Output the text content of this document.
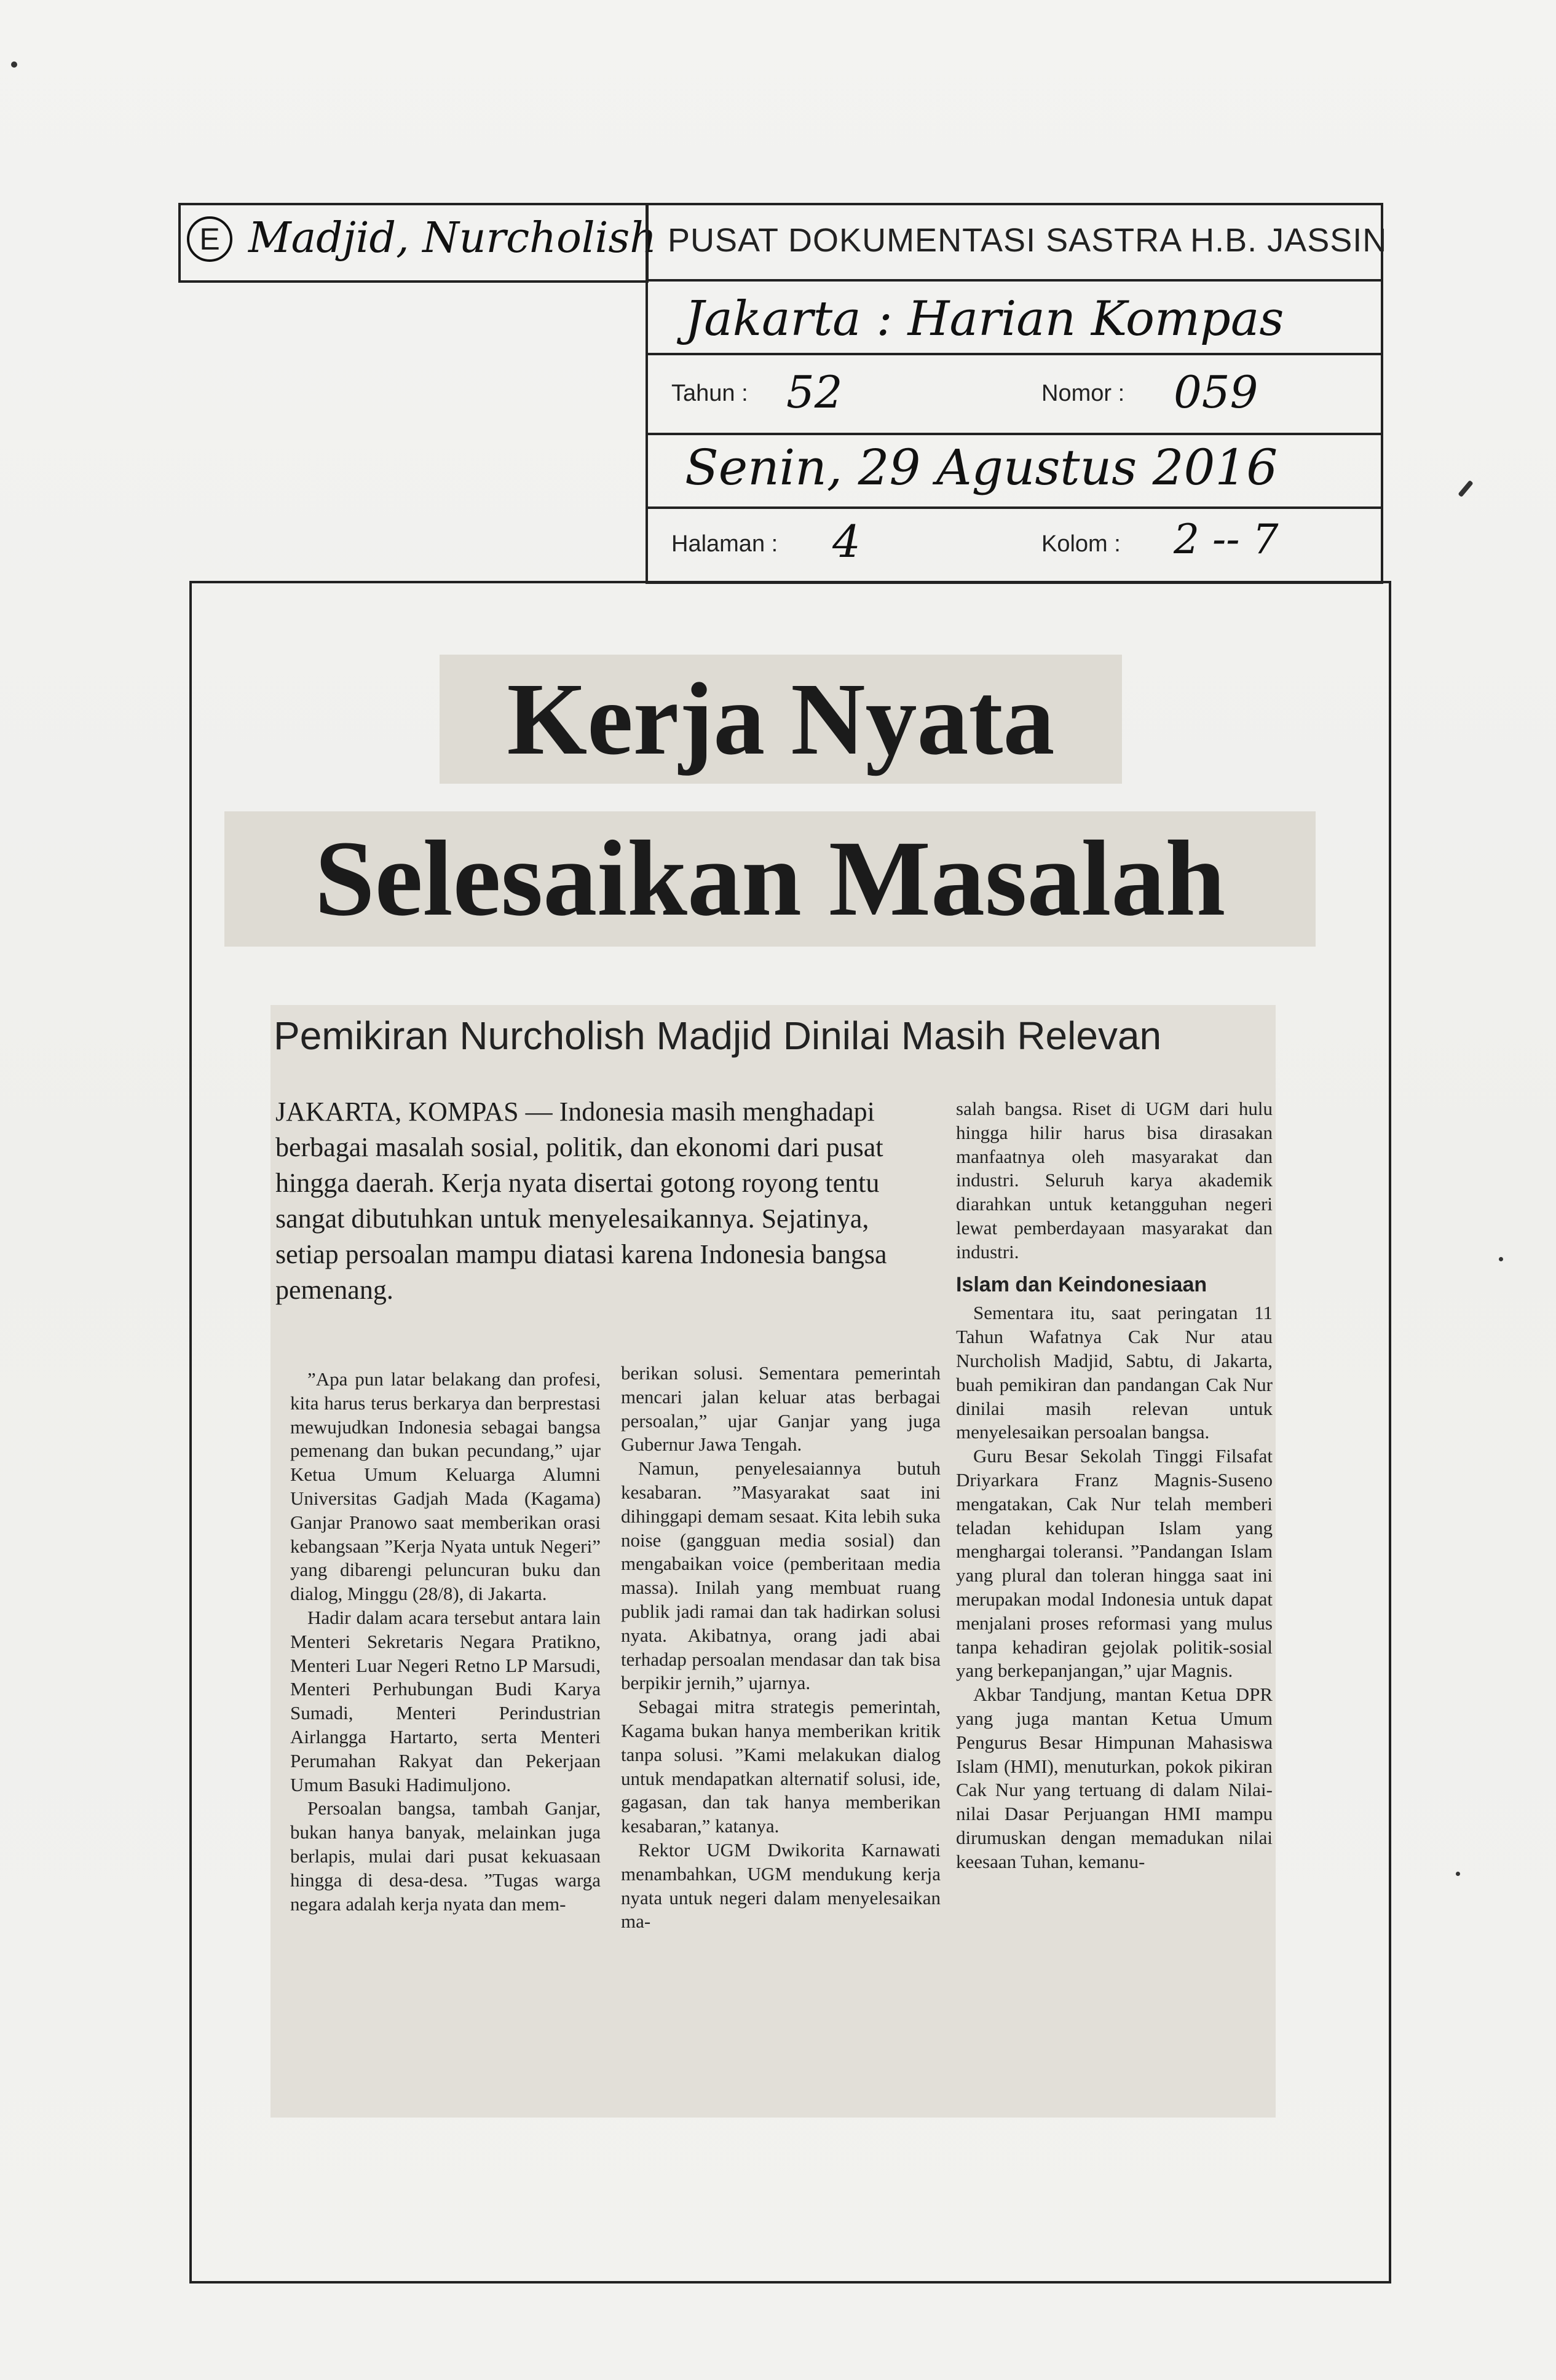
E Madjid, Nurcholish PUSAT DOKUMENTASI SASTRA H.B. JASSIN
Jakarta : Harian Kompas
Tahun : 52	Nomor : 059
Senin, 29 Agustus 2016
Halaman : 4	Kolom : 2 -- 7
Kerja Nyata
Selesaikan Masalah
Pemikiran Nurcholish Madjid Dinilai Masih Relevan

JAKARTA, KOMPAS — Indonesia masih menghadapi berbagai masalah sosial, politik, dan ekonomi dari pusat hingga daerah. Kerja nyata disertai gotong royong tentu sangat dibutuhkan untuk menyelesaikannya. Sejatinya, setiap persoalan mampu diatasi karena Indonesia bangsa pemenang.

”Apa pun latar belakang dan profesi, kita harus terus berkarya dan berprestasi mewujudkan Indonesia sebagai bangsa pemenang dan bukan pecundang,” ujar Ketua Umum Keluarga Alumni Universitas Gadjah Mada (Kagama) Ganjar Pranowo saat memberikan orasi kebangsaan ”Kerja Nyata untuk Negeri” yang dibarengi peluncuran buku dan dialog, Minggu (28/8), di Jakarta.

Hadir dalam acara tersebut antara lain Menteri Sekretaris Negara Pratikno, Menteri Luar Negeri Retno LP Marsudi, Menteri Perhubungan Budi Karya Sumadi, Menteri Perindustrian Airlangga Hartarto, serta Menteri Perumahan Rakyat dan Pekerjaan Umum Basuki Hadimuljono.

Persoalan bangsa, tambah Ganjar, bukan hanya banyak, melainkan juga berlapis, mulai dari pusat kekuasaan hingga di desa-desa. ”Tugas warga negara adalah kerja nyata dan mem-

berikan solusi. Sementara pemerintah mencari jalan keluar atas berbagai persoalan,” ujar Ganjar yang juga Gubernur Jawa Tengah.

Namun, penyelesaiannya butuh kesabaran. ”Masyarakat saat ini dihinggapi demam sesaat. Kita lebih suka noise (gangguan media sosial) dan mengabaikan voice (pemberitaan media massa). Inilah yang membuat ruang publik jadi ramai dan tak hadirkan solusi nyata. Akibatnya, orang jadi abai terhadap persoalan mendasar dan tak bisa berpikir jernih,” ujarnya.

Sebagai mitra strategis pemerintah, Kagama bukan hanya memberikan kritik tanpa solusi. ”Kami melakukan dialog untuk mendapatkan alternatif solusi, ide, gagasan, dan tak hanya memberikan kesabaran,” katanya.

Rektor UGM Dwikorita Karnawati menambahkan, UGM mendukung kerja nyata untuk negeri dalam menyelesaikan ma-

salah bangsa. Riset di UGM dari hulu hingga hilir harus bisa dirasakan manfaatnya oleh masyarakat dan industri. Seluruh karya akademik diarahkan untuk ketangguhan negeri lewat pemberdayaan masyarakat dan industri.

Islam dan Keindonesiaan

Sementara itu, saat peringatan 11 Tahun Wafatnya Cak Nur atau Nurcholish Madjid, Sabtu, di Jakarta, buah pemikiran dan pandangan Cak Nur dinilai masih relevan untuk menyelesaikan persoalan bangsa.

Guru Besar Sekolah Tinggi Filsafat Driyarkara Franz Magnis-Suseno mengatakan, Cak Nur telah memberi teladan kehidupan Islam yang menghargai toleransi. ”Pandangan Islam yang plural dan toleran hingga saat ini merupakan modal Indonesia untuk dapat menjalani proses reformasi yang mulus tanpa kehadiran gejolak politik-sosial yang berkepanjangan,” ujar Magnis.

Akbar Tandjung, mantan Ketua DPR yang juga mantan Ketua Umum Pengurus Besar Himpunan Mahasiswa Islam (HMI), menuturkan, pokok pikiran Cak Nur yang tertuang di dalam Nilai-nilai Dasar Perjuangan HMI mampu dirumuskan dengan memadukan nilai keesaan Tuhan, kemanu-
